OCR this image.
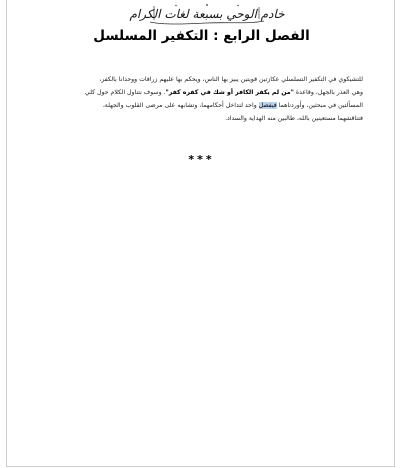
خادم الوحي بسبعة لغات الكرام
الفصل الرابع : التكفير المسلسل
للتشيكوي في التكفير التسلسلي عكازتين قويتين يبيز بها الناس، ويحكم بها عليهم زرافات ووحدانا بالكفر،
وهي العذر بالجهل، وقاعدة "من لم يكفر الكافر أو شك في كفره كفر". وسوف نتناول الكلام حول كلي
المسألتين في مبحثين، وأوردناهما فيفصل واحد لتداخل أحكامهما، وتشابهه على مرضى القلوب والجهلة،
فتناقشهما مستعينين بالله، طالبين منه الهداية والسداد.
***
